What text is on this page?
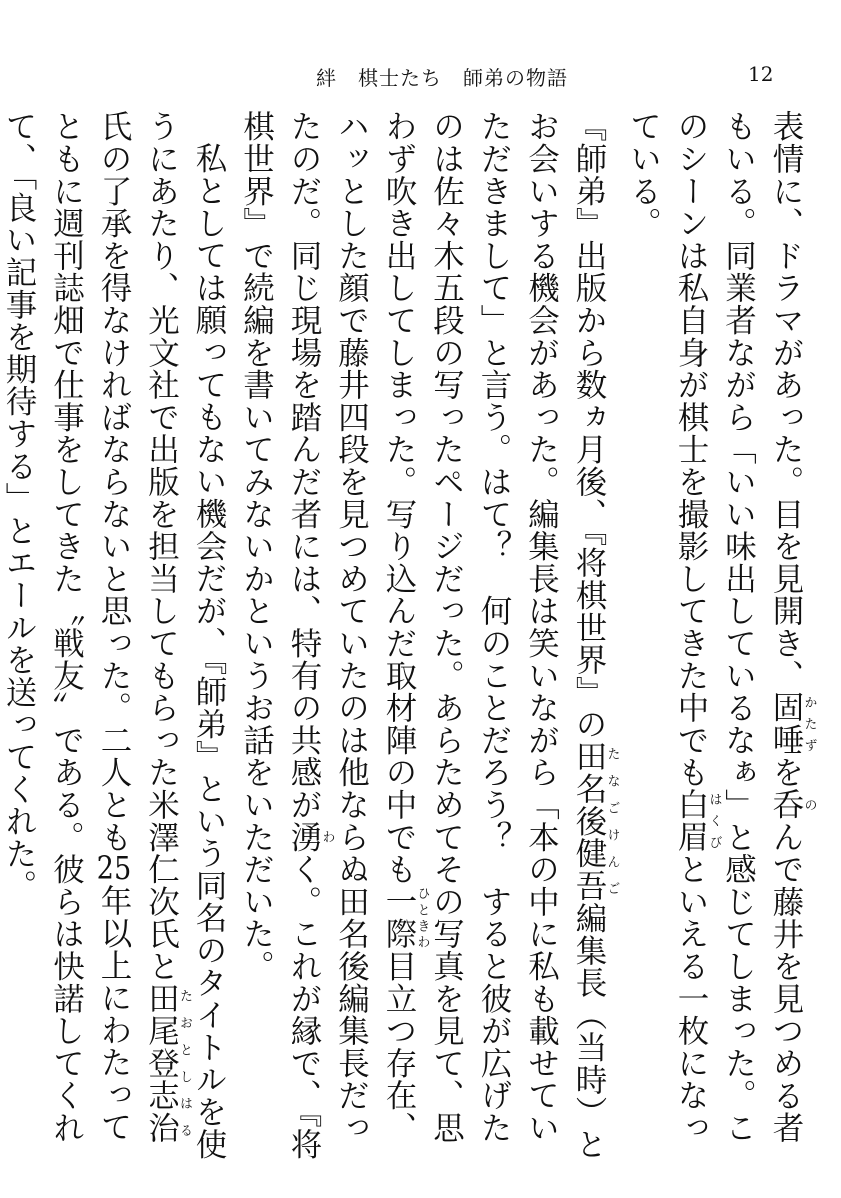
絆　棋士たち　師弟の物語	12

表情に、ドラマがあった。目を見開き、固唾かたずを呑のんで藤井を見つめる者もいる。同業者ながら「いい味出しているなぁ」と感じてしまった。このシーンは私自身が棋士を撮影してきた中でも白眉はくびといえる一枚になっている。

『師弟』出版から数ヵ月後、『将棋世界』の田名後健吾たなごけんご編集長（当時）とお会いする機会があった。編集長は笑いながら「本の中に私も載せていただきまして」と言う。はて？　何のことだろう？　すると彼が広げたのは佐々木五段の写ったページだった。あらためてその写真を見て、思わず吹き出してしまった。写り込んだ取材陣の中でも一際ひときわ目立つ存在、ハッとした顔で藤井四段を見つめていたのは他ならぬ田名後編集長だったのだ。同じ現場を踏んだ者には、特有の共感が湧わく。これが縁で、『将棋世界』で続編を書いてみないかというお話をいただいた。

私としては願ってもない機会だが、『師弟』という同名のタイトルを使うにあたり、光文社で出版を担当してもらった米澤仁次氏と田尾登志治たおとしはる氏の了承を得なければならないと思った。二人とも25年以上にわたってともに週刊誌畑で仕事をしてきた〝戦友〟である。彼らは快諾してくれて、「良い記事を期待する」とエールを送ってくれた。
